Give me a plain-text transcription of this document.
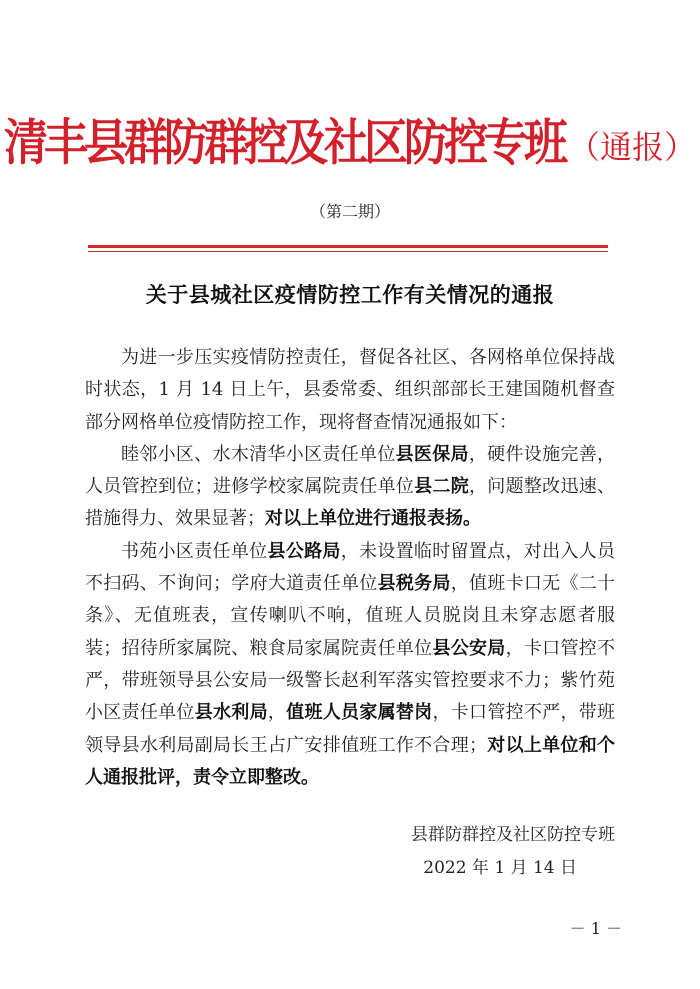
清丰县群防群控及社区防控专班 （通报）
（第二期）
关于县城社区疫情防控工作有关情况的通报

为进一步压实疫情防控责任，督促各社区、各网格单位保持战时状态，1 月 14 日上午，县委常委、组织部部长王建国随机督查部分网格单位疫情防控工作，现将督查情况通报如下：

睦邻小区、水木清华小区责任单位县医保局，硬件设施完善，人员管控到位；进修学校家属院责任单位县二院，问题整改迅速、措施得力、效果显著；对以上单位进行通报表扬。

书苑小区责任单位县公路局，未设置临时留置点，对出入人员不扫码、不询问；学府大道责任单位县税务局，值班卡口无《二十条》、无值班表，宣传喇叭不响，值班人员脱岗且未穿志愿者服装；招待所家属院、粮食局家属院责任单位县公安局，卡口管控不严，带班领导县公安局一级警长赵利军落实管控要求不力；紫竹苑小区责任单位县水利局，值班人员家属替岗，卡口管控不严，带班领导县水利局副局长王占广安排值班工作不合理；对以上单位和个人通报批评，责令立即整改。

县群防群控及社区防控专班
2022 年 1 月 14 日
－ 1 －
